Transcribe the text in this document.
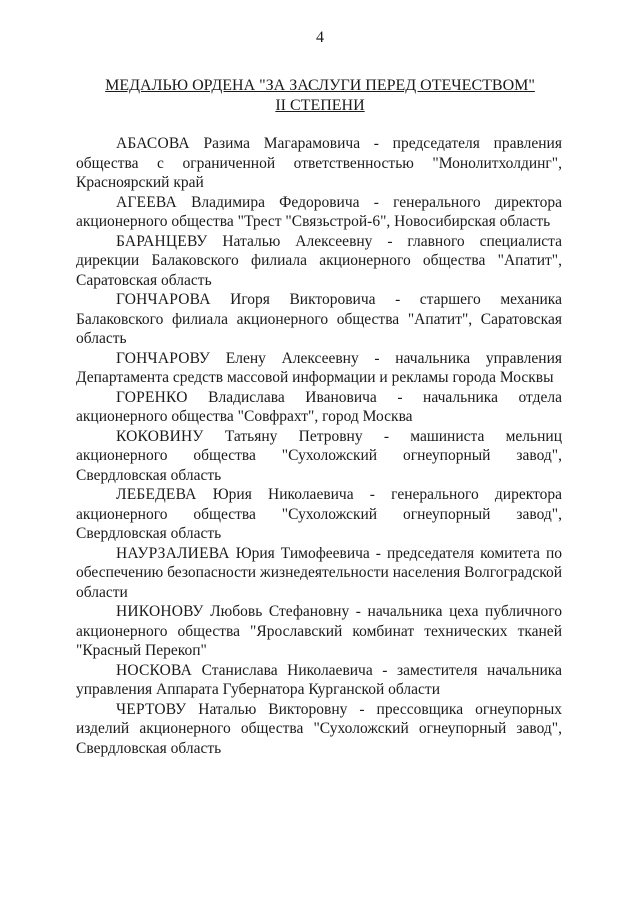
4
МЕДАЛЬЮ ОРДЕНА "ЗА ЗАСЛУГИ ПЕРЕД ОТЕЧЕСТВОМ"
II СТЕПЕНИ

АБАСОВА Разима Магарамовича - председателя правления общества с ограниченной ответственностью "Монолитхолдинг", Красноярский край

АГЕЕВА Владимира Федоровича - генерального директора акционерного общества "Трест "Связьстрой-6", Новосибирская область

БАРАНЦЕВУ Наталью Алексеевну - главного специалиста дирекции Балаковского филиала акционерного общества "Апатит", Саратовская область

ГОНЧАРОВА Игоря Викторовича - старшего механика Балаковского филиала акционерного общества "Апатит", Саратовская область

ГОНЧАРОВУ Елену Алексеевну - начальника управления Департамента средств массовой информации и рекламы города Москвы

ГОРЕНКО Владислава Ивановича - начальника отдела акционерного общества "Совфрахт", город Москва

КОКОВИНУ Татьяну Петровну - машиниста мельниц акционерного общества "Сухоложский огнеупорный завод", Свердловская область

ЛЕБЕДЕВА Юрия Николаевича - генерального директора акционерного общества "Сухоложский огнеупорный завод", Свердловская область

НАУРЗАЛИЕВА Юрия Тимофеевича - председателя комитета по обеспечению безопасности жизнедеятельности населения Волгоградской области

НИКОНОВУ Любовь Стефановну - начальника цеха публичного акционерного общества "Ярославский комбинат технических тканей "Красный Перекоп"

НОСКОВА Станислава Николаевича - заместителя начальника управления Аппарата Губернатора Курганской области

ЧЕРТОВУ Наталью Викторовну - прессовщика огнеупорных изделий акционерного общества "Сухоложский огнеупорный завод", Свердловская область
